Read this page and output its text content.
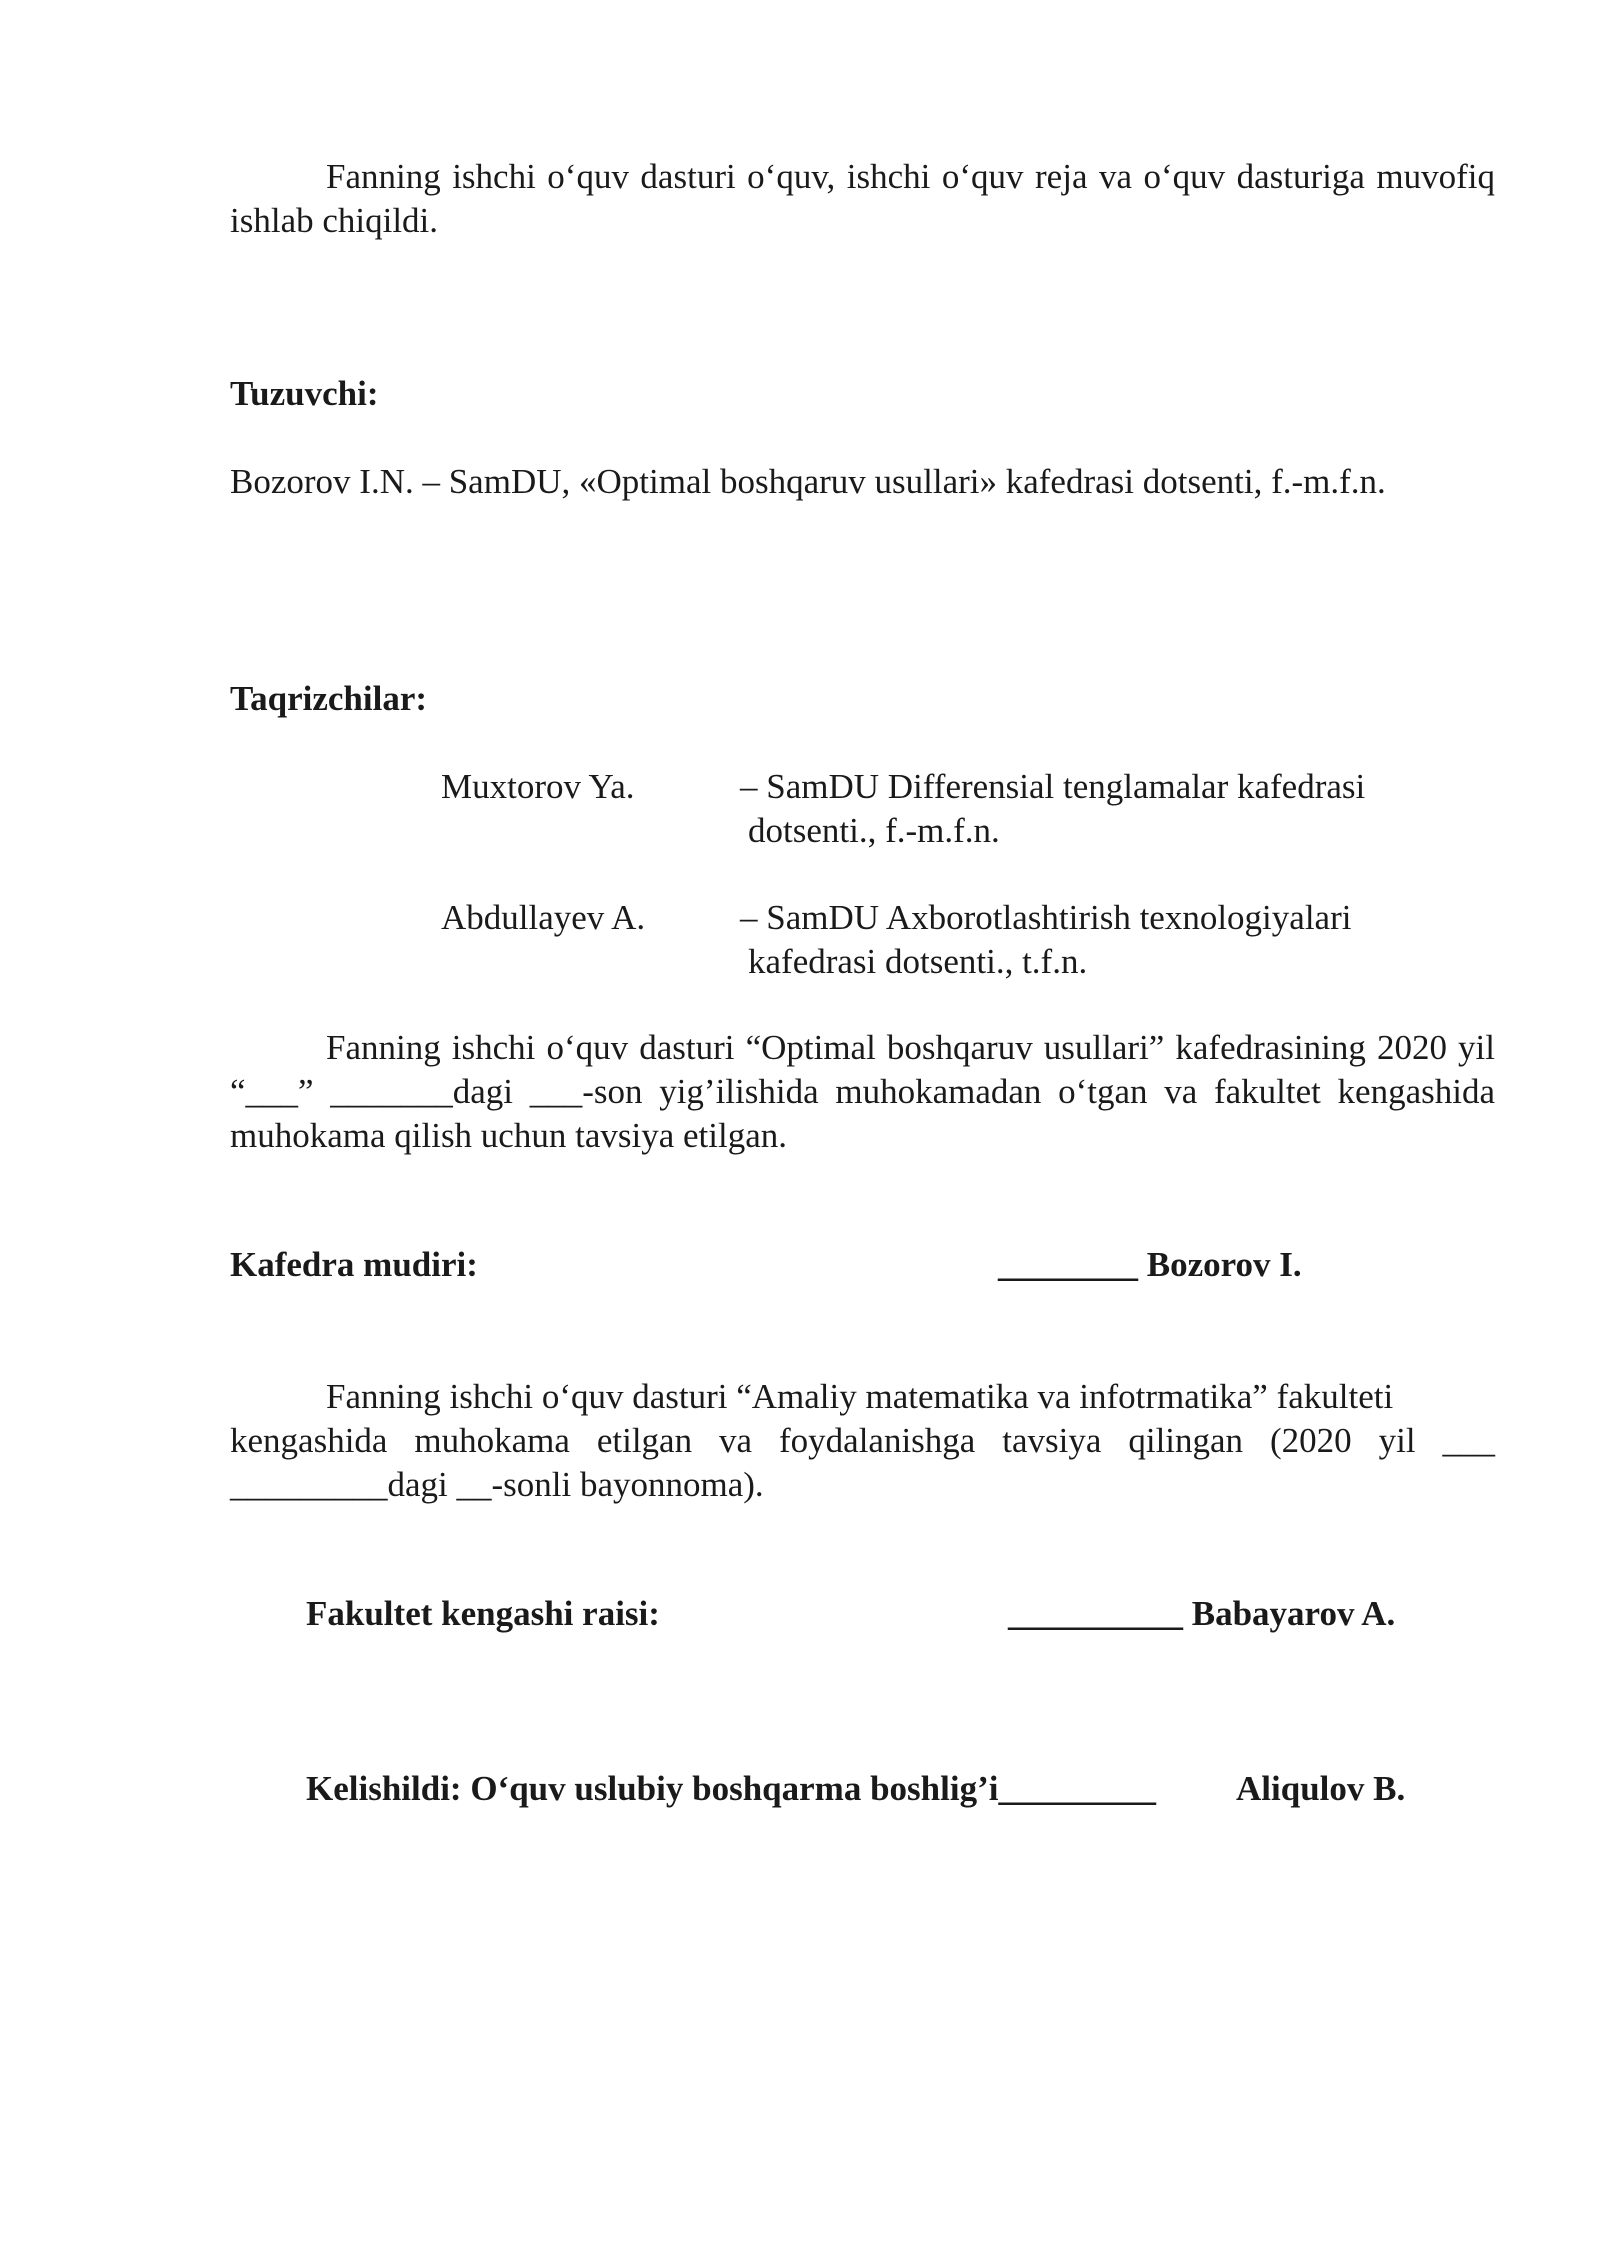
Fanning ishchi o‘quv dasturi o‘quv, ishchi o‘quv reja va o‘quv dasturiga muvofiq ishlab chiqildi.

Tuzuvchi:
Bozorov I.N. – SamDU, «Optimal boshqaruv usullari» kafedrasi dotsenti, f.-m.f.n.
Taqrizchilar:
Muxtorov Ya.	– SamDU Differensial tenglamalar kafedrasi
dotsenti., f.-m.f.n.
Abdullayev A.	– SamDU Axborotlashtirish texnologiyalari
kafedrasi dotsenti., t.f.n.

Fanning ishchi o‘quv dasturi “Optimal boshqaruv usullari” kafedrasining 2020 yil “___” _______dagi ___-son yig’ilishida muhokamadan o‘tgan va fakultet kengashida muhokama qilish uchun tavsiya etilgan.

Kafedra mudiri:	________ Bozorov I.
Fanning ishchi o‘quv dasturi “Amaliy matematika va infotrmatika” fakulteti
kengashida muhokama etilgan va foydalanishga tavsiya qilingan (2020 yil ___
_________dagi __-sonli bayonnoma).
Fakultet kengashi raisi:	__________ Babayarov A.
Kelishildi: O‘quv uslubiy boshqarma boshlig’i_________ Aliqulov B.
